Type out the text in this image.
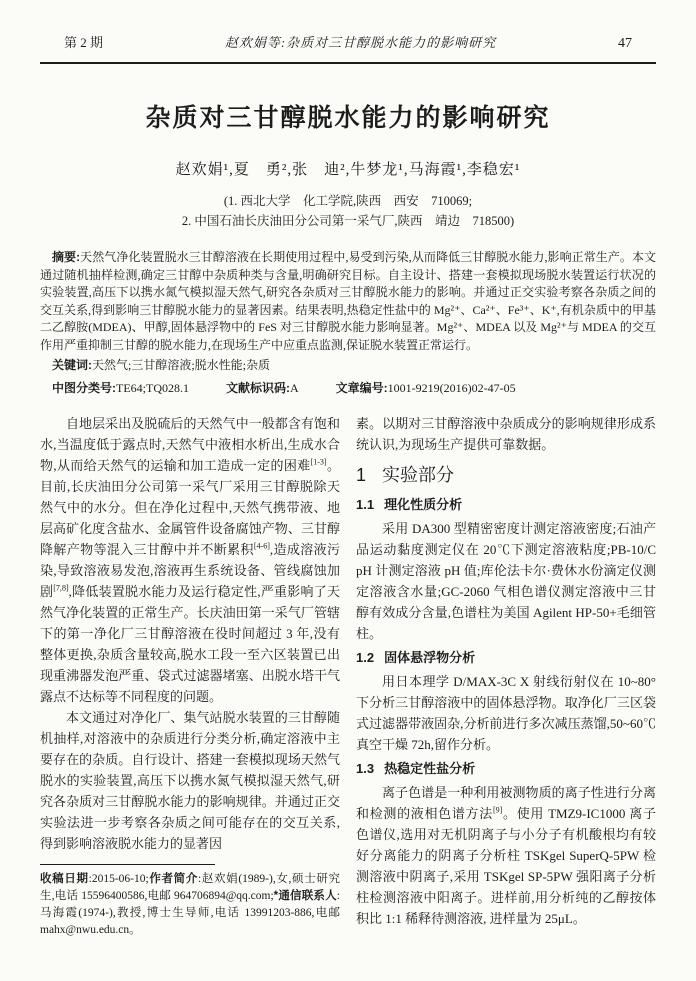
第 2 期	赵欢娟等:杂质对三甘醇脱水能力的影响研究	47
杂质对三甘醇脱水能力的影响研究
赵欢娟¹,夏　勇²,张　迪²,牛梦龙¹,马海霞¹,李稳宏¹
(1. 西北大学　化工学院,陕西　西安　710069;
2. 中国石油长庆油田分公司第一采气厂,陕西　靖边　718500)
摘要:天然气净化装置脱水三甘醇溶液在长期使用过程中,易受到污染,从而降低三甘醇脱水能力,影响正常生产。本文通过随机抽样检测,确定三甘醇中杂质种类与含量,明确研究目标。自主设计、搭建一套模拟现场脱水装置运行状况的实验装置,高压下以携水氮气模拟湿天然气,研究各杂质对三甘醇脱水能力的影响。并通过正交实验考察各杂质之间的交互关系,得到影响三甘醇脱水能力的显著因素。结果表明,热稳定性盐中的 Mg²⁺、Ca²⁺、Fe³⁺、K⁺,有机杂质中的甲基二乙醇胺(MDEA)、甲醇,固体悬浮物中的 FeS 对三甘醇脱水能力影响显著。Mg²⁺、MDEA 以及 Mg²⁺与 MDEA 的交互作用严重抑制三甘醇的脱水能力,在现场生产中应重点监测,保证脱水装置正常运行。
关键词:天然气;三甘醇溶液;脱水性能;杂质
中图分类号:TE64;TQ028.1	文献标识码:A	文章编号:1001-9219(2016)02-47-05

自地层采出及脱硫后的天然气中一般都含有饱和水,当温度低于露点时,天然气中液相水析出,生成水合物,从而给天然气的运输和加工造成一定的困难[1-3]。目前,长庆油田分公司第一采气厂采用三甘醇脱除天然气中的水分。但在净化过程中,天然气携带液、地层高矿化度含盐水、金属管件设备腐蚀产物、三甘醇降解产物等混入三甘醇中并不断累积[4-6],造成溶液污染,导致溶液易发泡,溶液再生系统设备、管线腐蚀加剧[7,8],降低装置脱水能力及运行稳定性,严重影响了天然气净化装置的正常生产。长庆油田第一采气厂管辖下的第一净化厂三甘醇溶液在役时间超过 3 年,没有整体更换,杂质含量较高,脱水工段一至六区装置已出现重沸器发泡严重、袋式过滤器堵塞、出脱水塔干气露点不达标等不同程度的问题。

本文通过对净化厂、集气站脱水装置的三甘醇随机抽样,对溶液中的杂质进行分类分析,确定溶液中主要存在的杂质。自行设计、搭建一套模拟现场天然气脱水的实验装置,高压下以携水氮气模拟湿天然气,研究各杂质对三甘醇脱水能力的影响规律。并通过正交实验法进一步考察各杂质之间可能存在的交互关系,得到影响溶液脱水能力的显著因

收稿日期:2015-06-10;作者简介:赵欢娟(1989-),女,硕士研究生,电话 15596400586,电邮 964706894@qq.com;*通信联系人:马海霞(1974-),教授,博士生导师,电话 13991203-886,电邮 mahx@nwu.edu.cn。
素。以期对三甘醇溶液中杂质成分的影响规律形成系统认识,为现场生产提供可靠数据。
1 实验部分
1.1 理化性质分析

采用 DA300 型精密密度计测定溶液密度;石油产品运动黏度测定仪在 20℃下测定溶液粘度;PB-10/C pH 计测定溶液 pH 值;库伦法卡尔·费休水份滴定仪测定溶液含水量;GC-2060 气相色谱仪测定溶液中三甘醇有效成分含量,色谱柱为美国 Agilent HP-50+毛细管柱。

1.2 固体悬浮物分析

用日本理学 D/MAX-3C X 射线衍射仪在 10~80°下分析三甘醇溶液中的固体悬浮物。取净化厂三区袋式过滤器带液固杂,分析前进行多次减压蒸馏,50~60℃真空干燥 72h,留作分析。

1.3 热稳定性盐分析

离子色谱是一种利用被测物质的离子性进行分离和检测的液相色谱方法[9]。使用 TMZ9-IC1000 离子色谱仪,选用对无机阴离子与小分子有机酸根均有较好分离能力的阴离子分析柱 TSKgel SuperQ-5PW 检测溶液中阴离子,采用 TSKgel SP-5PW 强阳离子分析柱检测溶液中阳离子。进样前,用分析纯的乙醇按体积比 1:1 稀释待测溶液, 进样量为 25μL。
